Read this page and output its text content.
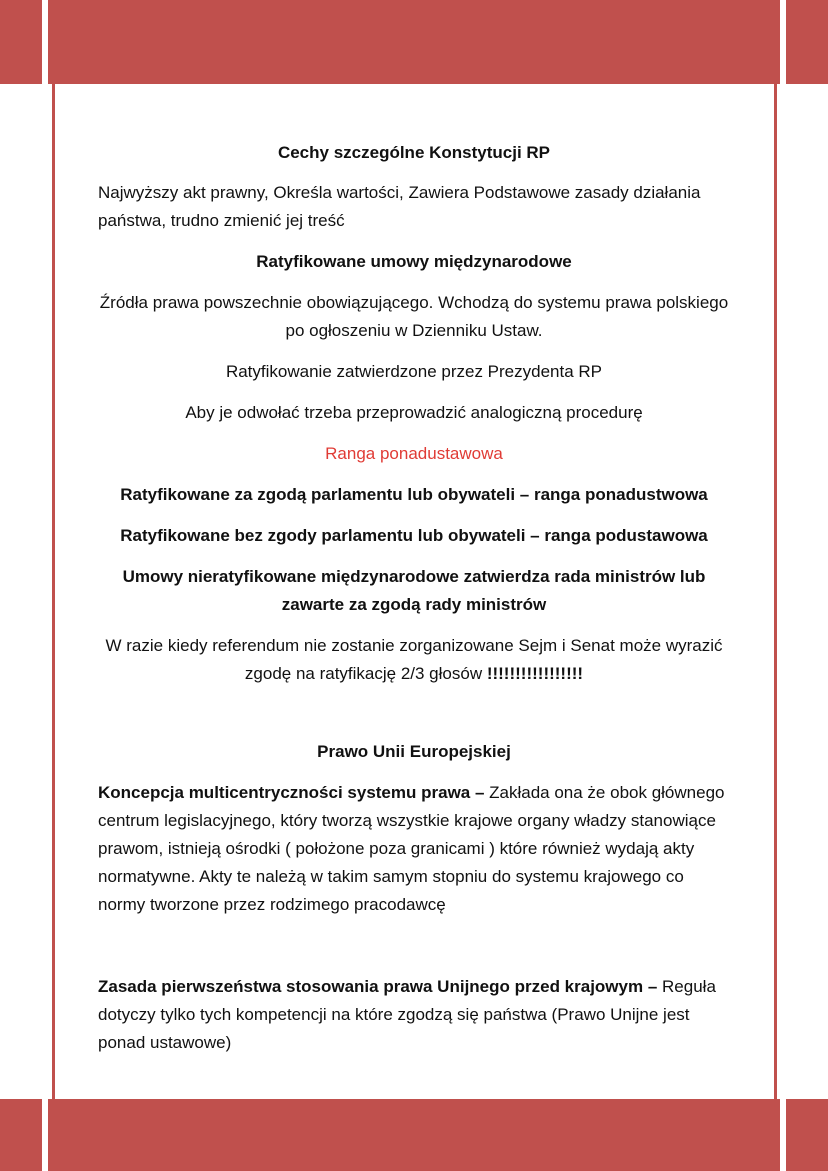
Cechy szczególne Konstytucji RP

Najwyższy akt prawny, Określa wartości, Zawiera Podstawowe zasady działania państwa, trudno zmienić jej treść

Ratyfikowane umowy międzynarodowe

Źródła prawa powszechnie obowiązującego. Wchodzą do systemu prawa polskiego po ogłoszeniu w Dzienniku Ustaw.

Ratyfikowanie zatwierdzone przez Prezydenta RP

Aby je odwołać trzeba przeprowadzić analogiczną procedurę

Ranga ponadustawowa

Ratyfikowane za zgodą parlamentu lub obywateli – ranga ponadustwowa

Ratyfikowane bez zgody parlamentu lub obywateli – ranga podustawowa

Umowy nieratyfikowane międzynarodowe zatwierdza rada ministrów lub zawarte za zgodą rady ministrów

W razie kiedy referendum nie zostanie zorganizowane Sejm i Senat może wyrazić zgodę na ratyfikację 2/3 głosów !!!!!!!!!!!!!!!!!

Prawo Unii Europejskiej

Koncepcja multicentryczności systemu prawa – Zakłada ona że obok głównego centrum legislacyjnego, który tworzą wszystkie krajowe organy władzy stanowiące prawom, istnieją ośrodki ( położone poza granicami ) które również wydają akty normatywne. Akty te należą w takim samym stopniu do systemu krajowego co normy tworzone przez rodzimego pracodawcę

Zasada pierwszeństwa stosowania prawa Unijnego przed krajowym – Reguła dotyczy tylko tych kompetencji na które zgodzą się państwa (Prawo Unijne jest ponad ustawowe)
